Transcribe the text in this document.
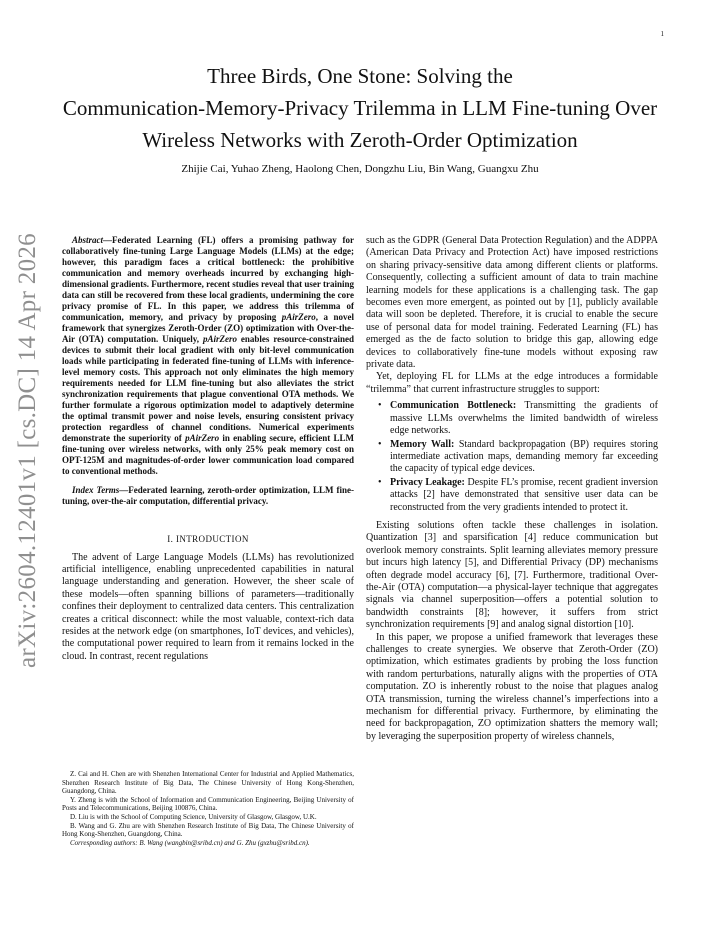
1
arXiv:2604.12401v1 [cs.DC] 14 Apr 2026
Three Birds, One Stone: Solving the
Communication-Memory-Privacy Trilemma in LLM Fine-tuning Over
Wireless Networks with Zeroth-Order Optimization
Zhijie Cai, Yuhao Zheng, Haolong Chen, Dongzhu Liu, Bin Wang, Guangxu Zhu

Abstract—Federated Learning (FL) offers a promising pathway for collaboratively fine-tuning Large Language Models (LLMs) at the edge; however, this paradigm faces a critical bottleneck: the prohibitive communication and memory overheads incurred by exchanging high-dimensional gradients. Furthermore, recent studies reveal that user training data can still be recovered from these local gradients, undermining the core privacy promise of FL. In this paper, we address this trilemma of communication, memory, and privacy by proposing pAirZero, a novel framework that synergizes Zeroth-Order (ZO) optimization with Over-the-Air (OTA) computation. Uniquely, pAirZero enables resource-constrained devices to submit their local gradient with only bit-level communication loads while participating in federated fine-tuning of LLMs with inference-level memory costs. This approach not only eliminates the high memory requirements needed for LLM fine-tuning but also alleviates the strict synchronization requirements that plague conventional OTA methods. We further formulate a rigorous optimization model to adaptively determine the optimal transmit power and noise levels, ensuring consistent privacy protection regardless of channel conditions. Numerical experiments demonstrate the superiority of pAirZero in enabling secure, efficient LLM fine-tuning over wireless networks, with only 25% peak memory cost on OPT-125M and magnitudes-of-order lower communication load compared to conventional methods.

Index Terms—Federated learning, zeroth-order optimization, LLM fine-tuning, over-the-air computation, differential privacy.

I. INTRODUCTION

The advent of Large Language Models (LLMs) has revolutionized artificial intelligence, enabling unprecedented capabilities in natural language understanding and generation. However, the sheer scale of these models—often spanning billions of parameters—traditionally confines their deployment to centralized data centers. This centralization creates a critical disconnect: while the most valuable, context-rich data resides at the network edge (on smartphones, IoT devices, and vehicles), the computational power required to learn from it remains locked in the cloud. In contrast, recent regulations

Z. Cai and H. Chen are with Shenzhen International Center for Industrial and Applied Mathematics, Shenzhen Research Institute of Big Data, The Chinese University of Hong Kong-Shenzhen, Guangdong, China.

Y. Zheng is with the School of Information and Communication Engineering, Beijing University of Posts and Telecommunications, Beijing 100876, China.

D. Liu is with the School of Computing Science, University of Glasgow, Glasgow, U.K.

B. Wang and G. Zhu are with Shenzhen Research Institute of Big Data, The Chinese University of Hong Kong-Shenzhen, Guangdong, China.

Corresponding authors: B. Wang (wangbin@sribd.cn) and G. Zhu (gxzhu@sribd.cn).

such as the GDPR (General Data Protection Regulation) and the ADPPA (American Data Privacy and Protection Act) have imposed restrictions on sharing privacy-sensitive data among different clients or platforms. Consequently, collecting a sufficient amount of data to train machine learning models for these applications is a challenging task. The gap becomes even more emergent, as pointed out by [1], publicly available data will soon be depleted. Therefore, it is crucial to enable the secure use of personal data for model training. Federated Learning (FL) has emerged as the de facto solution to bridge this gap, allowing edge devices to collaboratively fine-tune models without exposing raw private data.

Yet, deploying FL for LLMs at the edge introduces a formidable “trilemma” that current infrastructure struggles to support:

• Communication Bottleneck: Transmitting the gradients of massive LLMs overwhelms the limited bandwidth of wireless edge networks.
• Memory Wall: Standard backpropagation (BP) requires storing intermediate activation maps, demanding memory far exceeding the capacity of typical edge devices.
• Privacy Leakage: Despite FL’s promise, recent gradient inversion attacks [2] have demonstrated that sensitive user data can be reconstructed from the very gradients intended to protect it.

Existing solutions often tackle these challenges in isolation. Quantization [3] and sparsification [4] reduce communication but overlook memory constraints. Split learning alleviates memory pressure but incurs high latency [5], and Differential Privacy (DP) mechanisms often degrade model accuracy [6], [7]. Furthermore, traditional Over-the-Air (OTA) computation—a physical-layer technique that aggregates signals via channel superposition—offers a potential solution to bandwidth constraints [8]; however, it suffers from strict synchronization requirements [9] and analog signal distortion [10].

In this paper, we propose a unified framework that leverages these challenges to create synergies. We observe that Zeroth-Order (ZO) optimization, which estimates gradients by probing the loss function with random perturbations, naturally aligns with the properties of OTA computation. ZO is inherently robust to the noise that plagues analog OTA transmission, turning the wireless channel’s imperfections into a mechanism for differential privacy. Furthermore, by eliminating the need for backpropagation, ZO optimization shatters the memory wall; by leveraging the superposition property of wireless channels,
